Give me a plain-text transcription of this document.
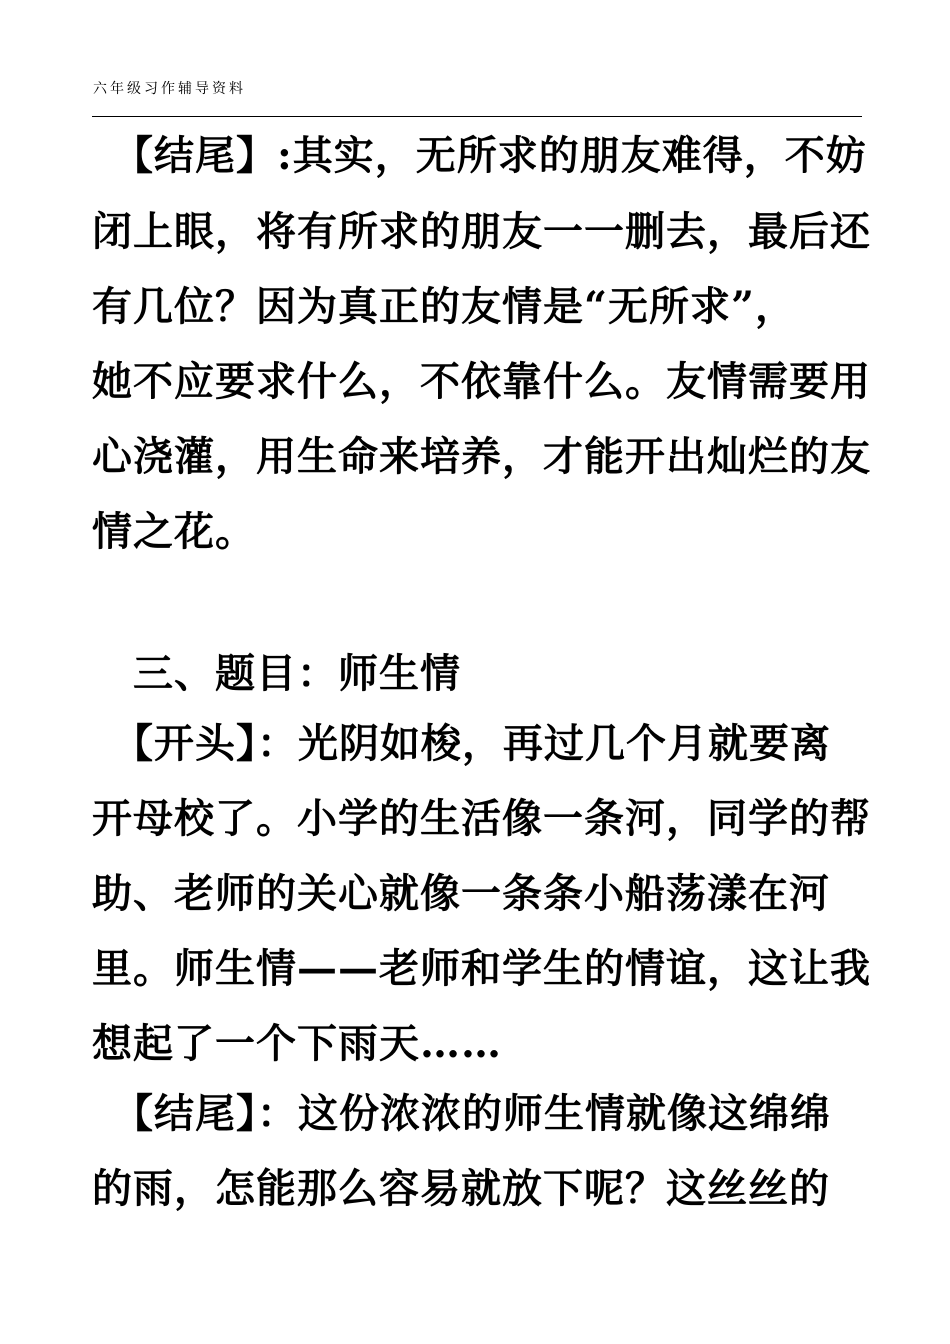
六年级习作辅导资料
　【结尾】:其实，无所求的朋友难得，不妨
闭上眼，将有所求的朋友一一删去，最后还
有几位？因为真正的友情是“无所求”，
她不应要求什么，不依靠什么。友情需要用
心浇灌，用生命来培养，才能开出灿烂的友
情之花。
　三、题目：师生情
　【开头】：光阴如梭，再过几个月就要离
开母校了。小学的生活像一条河，同学的帮
助、老师的关心就像一条条小船荡漾在河
里。师生情——老师和学生的情谊，这让我
想起了一个下雨天……
　【结尾】：这份浓浓的师生情就像这绵绵
的雨，怎能那么容易就放下呢？这丝丝的
